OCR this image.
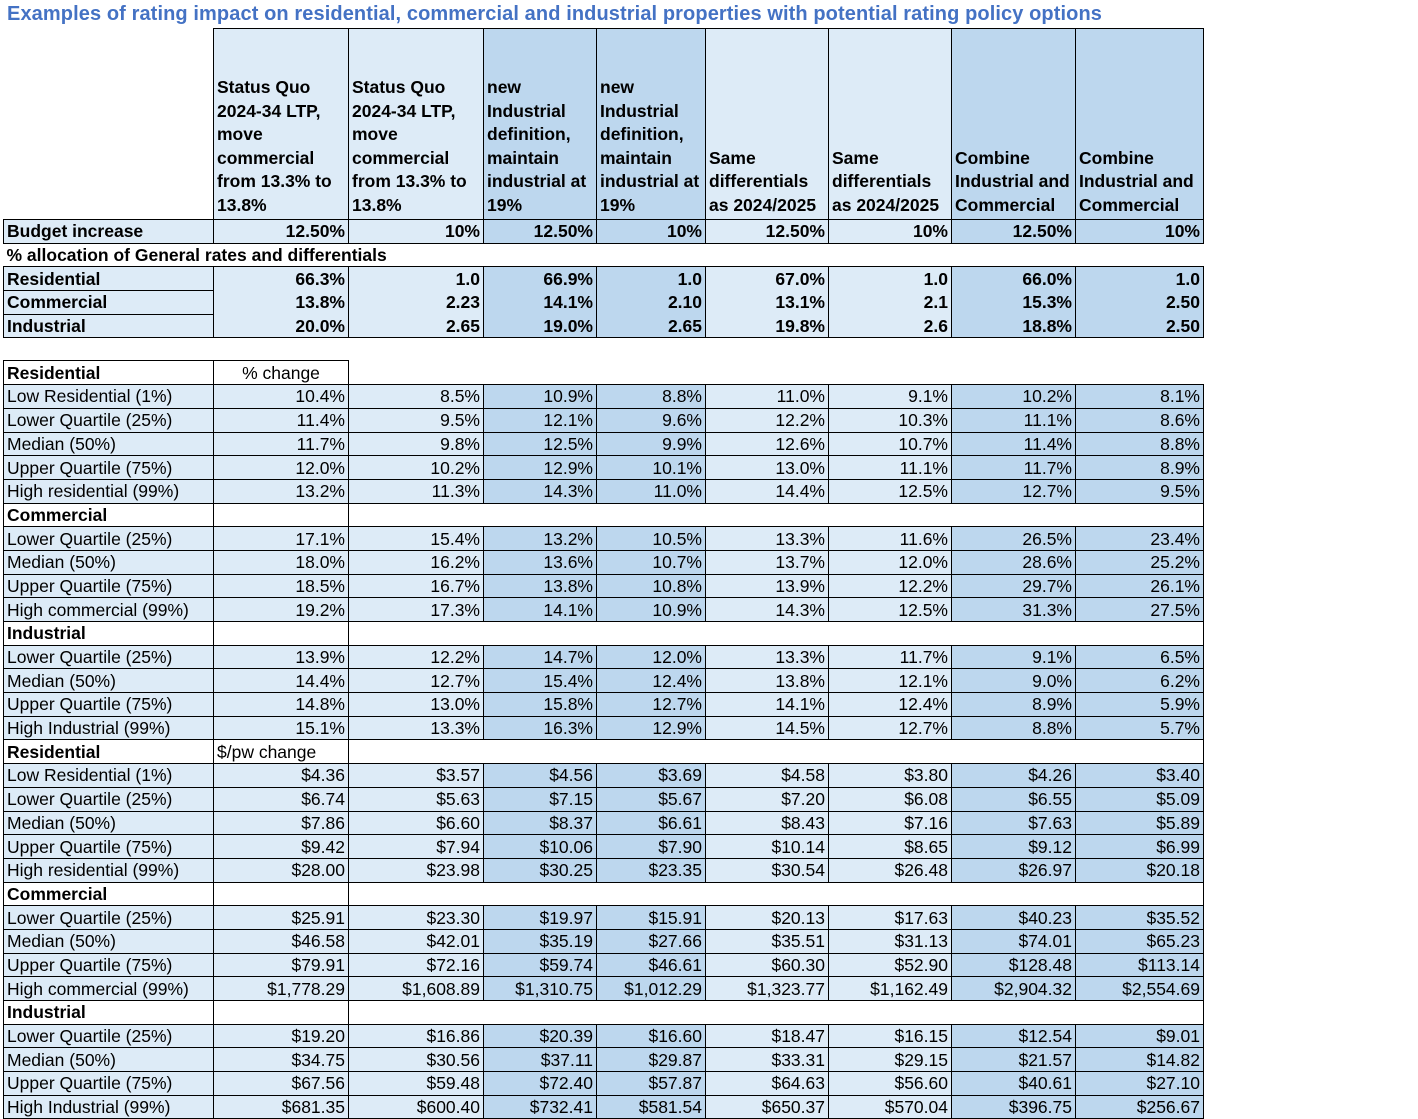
Examples of rating impact on residential, commercial and industrial properties with potential rating policy options
	Status Quo 2024-34 LTP, move commercial from 13.3% to 13.8%	Status Quo 2024-34 LTP, move commercial from 13.3% to 13.8%	new Industrial definition, maintain industrial at 19%	new Industrial definition, maintain industrial at 19%	Same differentials as 2024/2025	Same differentials as 2024/2025	Combine Industrial and Commercial	Combine Industrial and Commercial
Budget increase	12.50%	10%	12.50%	10%	12.50%	10%	12.50%	10%
% allocation of General rates and differentials								
Residential	66.3%	1.0	66.9%	1.0	67.0%	1.0	66.0%	1.0
Commercial	13.8%	2.23	14.1%	2.10	13.1%	2.1	15.3%	2.50
Industrial	20.0%	2.65	19.0%	2.65	19.8%	2.6	18.8%	2.50

Residential	% change							
Low Residential (1%)	10.4%	8.5%	10.9%	8.8%	11.0%	9.1%	10.2%	8.1%
Lower Quartile (25%)	11.4%	9.5%	12.1%	9.6%	12.2%	10.3%	11.1%	8.6%
Median (50%)	11.7%	9.8%	12.5%	9.9%	12.6%	10.7%	11.4%	8.8%
Upper Quartile (75%)	12.0%	10.2%	12.9%	10.1%	13.0%	11.1%	11.7%	8.9%
High residential (99%)	13.2%	11.3%	14.3%	11.0%	14.4%	12.5%	12.7%	9.5%
Commercial								
Lower Quartile (25%)	17.1%	15.4%	13.2%	10.5%	13.3%	11.6%	26.5%	23.4%
Median (50%)	18.0%	16.2%	13.6%	10.7%	13.7%	12.0%	28.6%	25.2%
Upper Quartile (75%)	18.5%	16.7%	13.8%	10.8%	13.9%	12.2%	29.7%	26.1%
High commercial (99%)	19.2%	17.3%	14.1%	10.9%	14.3%	12.5%	31.3%	27.5%
Industrial								
Lower Quartile (25%)	13.9%	12.2%	14.7%	12.0%	13.3%	11.7%	9.1%	6.5%
Median (50%)	14.4%	12.7%	15.4%	12.4%	13.8%	12.1%	9.0%	6.2%
Upper Quartile (75%)	14.8%	13.0%	15.8%	12.7%	14.1%	12.4%	8.9%	5.9%
High Industrial (99%)	15.1%	13.3%	16.3%	12.9%	14.5%	12.7%	8.8%	5.7%
Residential	$/pw change							
Low Residential (1%)	$4.36	$3.57	$4.56	$3.69	$4.58	$3.80	$4.26	$3.40
Lower Quartile (25%)	$6.74	$5.63	$7.15	$5.67	$7.20	$6.08	$6.55	$5.09
Median (50%)	$7.86	$6.60	$8.37	$6.61	$8.43	$7.16	$7.63	$5.89
Upper Quartile (75%)	$9.42	$7.94	$10.06	$7.90	$10.14	$8.65	$9.12	$6.99
High residential (99%)	$28.00	$23.98	$30.25	$23.35	$30.54	$26.48	$26.97	$20.18
Commercial								
Lower Quartile (25%)	$25.91	$23.30	$19.97	$15.91	$20.13	$17.63	$40.23	$35.52
Median (50%)	$46.58	$42.01	$35.19	$27.66	$35.51	$31.13	$74.01	$65.23
Upper Quartile (75%)	$79.91	$72.16	$59.74	$46.61	$60.30	$52.90	$128.48	$113.14
High commercial (99%)	$1,778.29	$1,608.89	$1,310.75	$1,012.29	$1,323.77	$1,162.49	$2,904.32	$2,554.69
Industrial								
Lower Quartile (25%)	$19.20	$16.86	$20.39	$16.60	$18.47	$16.15	$12.54	$9.01
Median (50%)	$34.75	$30.56	$37.11	$29.87	$33.31	$29.15	$21.57	$14.82
Upper Quartile (75%)	$67.56	$59.48	$72.40	$57.87	$64.63	$56.60	$40.61	$27.10
High Industrial (99%)	$681.35	$600.40	$732.41	$581.54	$650.37	$570.04	$396.75	$256.67
